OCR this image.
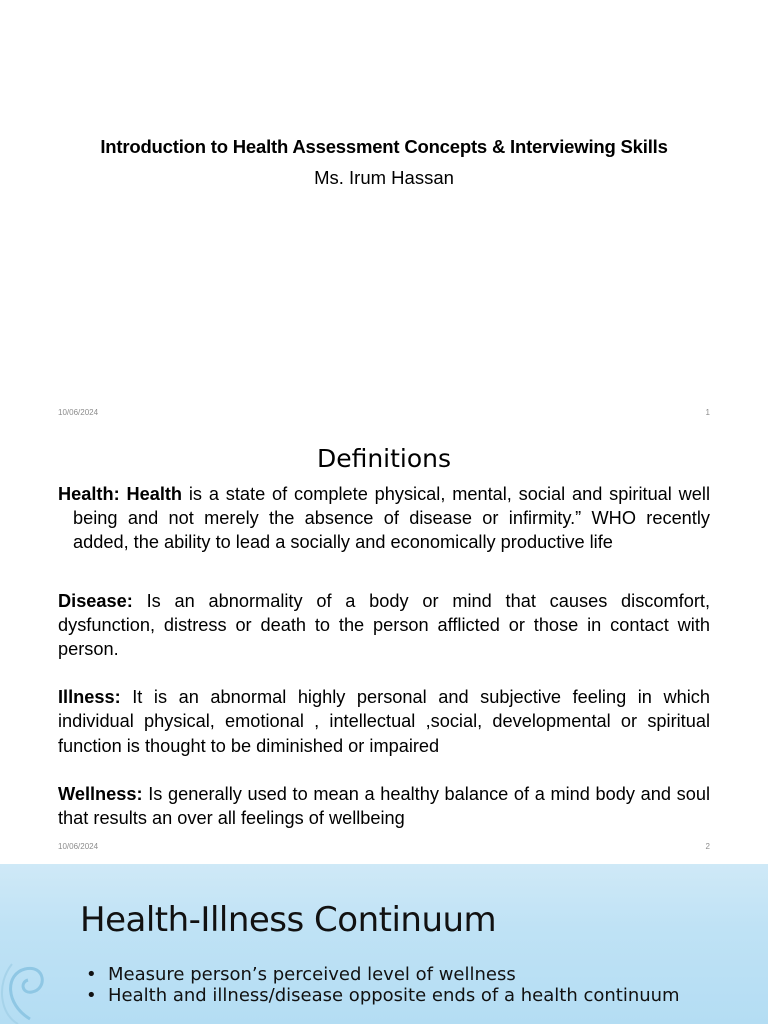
Introduction to Health Assessment Concepts & Interviewing Skills
Ms. Irum Hassan
10/06/2024	1
Definitions

Health: Health is a state of complete physical, mental, social and spiritual well being and not merely the absence of disease or infirmity.” WHO recently added, the ability to lead a socially and economically productive life

Disease: Is an abnormality of a body or mind that causes discomfort, dysfunction, distress or death to the person afflicted or those in contact with person.

Illness: It is an abnormal highly personal and subjective feeling in which individual physical, emotional , intellectual ,social, developmental or spiritual function is thought to be diminished or impaired

Wellness: Is generally used to mean a healthy balance of a mind body and soul that results an over all feelings of wellbeing

10/06/2024	2
Health-Illness Continuum
• Measure person’s perceived level of wellness
• Health and illness/disease opposite ends of a health continuum
